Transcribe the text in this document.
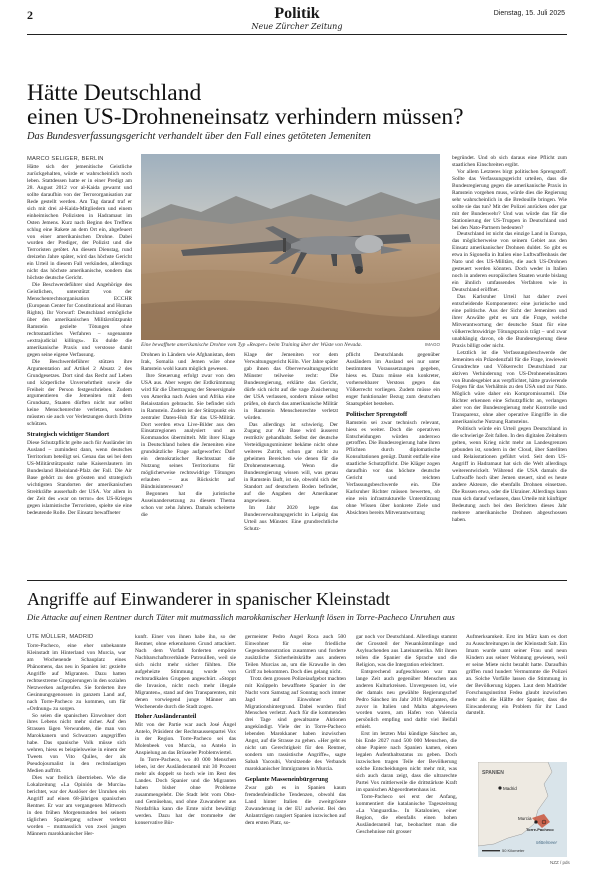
2	Politik
Neue Zürcher Zeitung
Dienstag, 15. Juli 2025
Hätte Deutschland
einen US-Drohneneinsatz verhindern müssen?
Das Bundesverfassungsgericht verhandelt über den Fall eines getöteten Jemeniten
MARCO SELIGER, BERLIN

Hätte sich der jemenitische Geistliche zurückgehalten, würde er wahrscheinlich noch leben. Stattdessen hatte er in einer Predigt am 28. August 2012 vor al-Kaida gewarnt und sollte daraufhin von der Terrororganisation zur Rede gestellt werden. Am Tag darauf traf er sich mit drei al-Kaida-Mitgliedern und einem einheimischen Polizisten in Hadramaut im Osten Jemens. Kurz nach Beginn des Treffens schlug eine Rakete an dem Ort ein, abgefeuert von einer amerikanischen Drohne. Dabei wurden der Prediger, der Polizist und die Terroristen getötet. An diesem Dienstag, rund dreizehn Jahre später, wird das höchste Gericht ein Urteil in diesem Fall verkünden, allerdings nicht das höchste amerikanische, sondern das höchste deutsche Gericht.

Die Beschwerdeführer sind Angehörige des Geistlichen, unterstützt von der Menschenrechtsorganisation ECCHR (European Center for Constitutional and Human Rights). Ihr Vorwurf: Deutschland ermögliche über den amerikanischen Militärstützpunkt Ramstein gezielte Tötungen ohne rechtsstaatliches Verfahren – sogenannte «extrajudicial killings». Es dulde die amerikanische Praxis und verstosse damit gegen seine eigene Verfassung.

Die Beschwerdeführer stützen ihre Argumentation auf Artikel 2 Absatz 2 des Grundgesetzes. Dort sind das Recht auf Leben und körperliche Unversehrtheit sowie die Freiheit der Person festgeschrieben. Zudem argumentieren die Jemeniten mit dem Grundsatz, Staaten dürften nicht nur selbst keine Menschenrechte verletzen, sondern müssten sie auch vor Verletzungen durch Dritte schützen.

Strategisch wichtiger Standort

Diese Schutzpflicht gelte auch für Ausländer im Ausland – zumindest dann, wenn deutsches Territorium beteiligt sei. Genau das sei bei dem US-Militärstützpunkt nahe Kaiserslautern im Bundesland Rheinland-Pfalz der Fall. Die Air Base gehört zu den grössten und strategisch wichtigsten Standorten der amerikanischen Streitkräfte ausserhalb der USA. Vor allem in der Zeit des «war on terror» des US-Krieges gegen islamistische Terroristen, spielte sie eine bedeutende Rolle. Der Einsatz bewaffneter

Eine bewaffnete amerikanische Drohne vom Typ «Reaper» beim Training über der Wüste von Nevada.	IMAGO

Drohnen in Ländern wie Afghanistan, dem Irak, Somalia und Jemen wäre ohne Ramstein wohl kaum möglich gewesen.

Ihre Steuerung erfolgt zwar von den USA aus. Aber wegen der Erdkrümmung wird für die Übertragung der Steuersignale von Amerika nach Asien und Afrika eine Relaisstation gebraucht. Sie befindet sich in Ramstein. Zudem ist der Stützpunkt ein zentraler Daten-Hub für das US-Militär. Dort werden etwa Live-Bilder aus den Einsatzregionen analysiert und an Kommandos übermittelt. Mit ihrer Klage in Deutschland hoben die Jemeniten eine grundsätzliche Frage aufgeworfen: Darf ein demokratischer Rechtsstaat die Nutzung seines Territoriums für möglicherweise rechtswidrige Tötungen erlauben – aus Rücksicht auf Bündnisinteressen?

Begonnen hat die juristische Auseinandersetzung zu diesem Thema schon vor zehn Jahren. Damals scheiterte die

Klage der Jemeniten vor dem Verwaltungsgericht Köln. Vier Jahre später gab ihnen das Oberverwaltungsgericht Münster teilweise recht: Die Bundesregierung, erklärte das Gericht, dürfe sich nicht auf die vage Zusicherung der USA verlassen, sondern müsse selbst prüfen, ob durch das amerikanische Militär in Ramstein Menschenrechte verletzt würden.

Das allerdings ist schwierig. Der Zugang zur Air Base wird äusserst restriktiv gehandhabt. Selbst der deutsche Verteidigungsminister bekäme nicht ohne weiteres Zutritt, schon gar nicht zu geheimen Bereichen wie denen für die Drohnensteuerung. Wenn die Bundesregierung wissen will, was genau in Ramstein läuft, ist sie, obwohl sich der Standort auf deutschem Boden befindet, auf die Angaben der Amerikaner angewiesen.

Im Jahr 2020 legte das Bundesverwaltungsgericht in Leipzig das Urteil aus Münster. Eine grundrechtliche Schutz-

pflicht Deutschlands gegenüber Ausländern im Ausland sei nur unter bestimmten Voraussetzungen gegeben, hiess es. Dazu müsse ein konkreter, vorhersehbarer Verstoss gegen das Völkerrecht vorliegen. Zudem müsse ein enger funktionaler Bezug zum deutschen Staatsgebiet bestehen.

Politischer Sprengstoff

Ramstein sei zwar technisch relevant, hiess es weiter. Doch die operativen Entscheidungen würden anderswo getroffen. Die Bundesregierung habe ihren Pflichten durch diplomatische Konsultationen genügt. Damit entfalle eine staatliche Schutzpflicht. Die Kläger zogen daraufhin vor das höchste deutsche Gericht und reichten Verfassungsbeschwerde ein. Die Karlsruher Richter müssen bewerten, ob eine rein infrastrukturelle Unterstützung ohne Wissen über konkrete Ziele und Absichten bereits Mitverantwortung

begründet. Und ob sich daraus eine Pflicht zum staatlichen Einschreiten ergibt.

Vor allem Letzteres birgt politischen Sprengstoff. Sollte das Verfassungsgericht urteilen, dass die Bundesregierung gegen die amerikanische Praxis in Ramstein vorgehen muss, würde dies die Regierung sehr wahrscheinlich in die Bredouille bringen. Wie sollte sie das tun? Mit der Polizei anrücken oder gar mit der Bundeswehr? Und was würde das für die Stationierung der US-Truppen in Deutschland und bei den Nato-Partnern bedeuten?

Deutschland ist nicht das einzige Land in Europa, das möglicherweise von seinem Gebiet aus den Einsatz amerikanischer Drohnen duldet. So gibt es etwa in Sigonella in Italien eine Luftwaffenbasis der Nato und des US-Militärs, die auch US-Drohnen gesteuert werden könnten. Doch weder in Italien noch in anderen europäischen Staaten wurde bislang ein ähnlich umfassendes Verfahren wie in Deutschland eröffnet.

Das Karlsruher Urteil hat daher zwei entscheidende Komponenten: eine juristische und eine politische. Aus der Sicht der Jemeniten und ihrer Anwälte geht es um die Frage, welche Mitverantwortung der deutsche Staat für eine völkerrechtswidrige Tötungspraxis trägt – und zwar unabhängig davon, ob die Bundesregierung diese Praxis billigt oder nicht.

Letztlich ist die Verfassungsbeschwerde der Jemeniten ein Präzedenzfall für die Frage, inwieweit Grundrechte und Völkerrecht Deutschland zur aktiven Verhinderung von US-Drohneneinsätzen von Bundesgebiet aus verpflichtet, hätte gravierende Folgen für das Verhältnis zu den USA und zur Nato. Möglich wäre daher ein Kompromissurteil. Die Richter erkennen eine Schutzpflicht an, verlangen aber von der Bundesregierung mehr Kontrolle und Transparenz, ohne aber operative Eingriffe in die amerikanische Nutzung Ramsteins.

Politisch würde ein Urteil gegen Deutschland in die schwierige Zeit fallen. In den digitalen Zeitaltern gelten, wenn Krieg nicht mehr an Landesgrenzen gebunden ist, sondern in der Cloud, über Satelliten und Relaisstationen geführt wird. Seit dem US-Angriff in Hadramaut hat sich die Welt allerdings weiterentwickelt. Während die USA damals die Luftwaffe hoch über Jemen steuert, sind es heute andere Akteure, die ebenfalls Drohnen einsetzen. Die Russen etwa, oder die Ukrainer. Allerdings kann man sich darauf verlassen, dass Urteile mit künftiger Bedeutung auch bei den Berichten dieses Jahr mehrere amerikanische Drohnen abgeschossen haben.

Angriffe auf Einwanderer in spanischer Kleinstadt
Die Attacke auf einen Rentner durch Täter mit mutmasslich marokkanischer Herkunft lösen in Torre-Pacheco Unruhen aus
UTE MÜLLER, MADRID

Torre-Pacheco, eine eher unbekannte Kleinstadt im Hinterland von Murcia, war am Wochenende Schauplatz eines Phänomens, das neu in Spanien ist: gezielte Angriffe auf Migranten. Dazu hatten rechtsextreme Gruppierungen in den sozialen Netzwerken aufgerufen. Sie forderten ihre Gesinnungsgenossen in ganzem Land auf, nach Torre-Pacheco zu kommen, um für «Ordnung» zu sorgen.

So seien die spanischen Einwohner dort ihres Lebens nicht mehr sicher. Auf den Strassen lägen Verwundete, die man von Marokkanern und Schwarzen angegriffen habe. Das spanische Volk müsse sich wehren, hiess es beispielsweise in einem der Tweets von Vito Quiles, der als Pseudojournalist in den rechtslastigen Medien auffritt.

Dies war freilich übertrieben. Wie die Lokalzeitung «La Opinión de Murcia» berichtet, war der Auslöser der Unruhen ein Angriff auf einen 68-jährigen spanischen Rentner. Er war am vergangenen Mittwoch in den frühen Morgenstunden bei seinem täglichen Spaziergang schwer verletzt worden – mutmasslich von zwei jungen Männern marokkanischer Her-

kunft. Einer von ihnen habe ihn, so der Rentner, ohne erkennbaren Grund attackiert. Nach dem Vorfall forderten empörte Nachbarschaftsverbände Patrouillen, weil sie sich nicht mehr sicher fühlten. Die aufgeheizte Stimmung wurde von rechtsradikalen Gruppen angeschürt. «Stoppt die Invasion, nicht noch mehr illegale Migranten», stand auf den Transparenten, mit denen vorwiegend junge Männer am Wochenende durch die Stadt zogen.

Hoher Ausländeranteil

Mit von der Partie war auch José Ángel Antelo, Präsident der Rechtsaussenpartei Vox in der Region. Torre-Pacheco sei das Molenbeek von Murcia, so Antelo in Anspielung an das Brüsseler Problemviertel.

In Torre-Pacheco, wo 40 000 Menschen leben, ist der Ausländeranteil mit 30 Prozent mehr als doppelt so hoch wie im Rest des Landes. Doch Spanier und die Migranten haben bisher ohne Probleme zusammengelebt. Die Stadt lebt vom Obst- und Gemüsebau, und ohne Zuwanderer aus Nordafrika kann die Ernte nicht bewältigt werden. Dazu hat der trommelte der konservative Bür-

germeister Pedro Ángel Roca auch 500 Einwohner für eine friedliche Gegendemonstration zusammen und forderte zusätzliche Sicherheitskräfte aus anderen Teilen Murcias an, um die Krawalle in den Griff zu bekommen. Doch dies gelang nicht.

Trotz dem grossen Polizeiaufgebot machten mit Knüppeln bewaffnete Spanier in der Nacht vom Samstag auf Sonntag noch immer Jagd auf Einwohner mit Migrationshintergrund. Dabei wurden fünf Menschen verletzt. Auch für die kommenden drei Tage sind gewaltsame Aktionen angekündigt. Viele der in Torre-Pacheco lebenden Marokkaner haben inzwischen Angst, auf die Strasse zu gehen. «Her geht es nicht um Gerechtigkeit für den Rentner, sondern um rassistische Angriffe», sagte Sabah Yacoubi, Vorsitzende des Verbands marokkanischer Immigranten in Murcia.

Geplante Masseneinbürgerung

Zwar gab es in Spanien kaum fremdenfeindliche Tendenzen, obwohl das Land hinter Italien die zweitgrösste Zuwanderung in der EU aufweist. Bei den Anlantrrägen rangiert Spanien inzwischen auf dem ersten Platz, so-

gar noch vor Deutschland. Allerdings stammt der Grossteil der Neuankömmlinge und Asylsuchenden aus Lateinamerika. Mit ihnen teilen die Spanier die Sprache und die Religion, was die Integration erleichtert.

Entsprechend aufgeschlossen war man lange Zeit auch gegenüber Menschen aus anderen Kulturkreisen. Unvergessen ist, wie der damals neu gewählte Regierungschef Pedro Sánchez im Jahr 2018 Migranten, die zuvor in Italien und Malta abgewiesen worden waren, am Hafen von Valencia persönlich empfing und daftir viel Beifall erhielt.

Erst im letzten Mai kündigte Sánchez an, bis Ende 2027 rund 500 000 Menschen, die ohne Papiere nach Spanien kamen, einen legalen Aufenthaltsstatus zu geben. Doch inzwischen tragen Teile der Bevölkerung solche Entscheidungen nicht mehr mit, was sich auch daran zeigt, dass die ultrarechte Partei Vox mittlerweile die drittstärkste Kraft im spanischen Abgeordnetenhaus ist.

Torre-Pacheco sei erst der Anfang, kommentiert die katalanische Tageszeitung «La Vanguardia». In Katalonien, einer Region, die ebenfalls einen hohen Ausländeranteil hat, beobachtet man die Geschehnisse mit grosser

Aufmerksamkeit. Erst im März kam es dort zu Ausschreitungen in der Kleinstadt Salt. Ein Imam wurde samt seiner Frau und neun Kindern aus seiner Wohnung gewiesen, weil er seine Miete nicht bezahlt hatte. Daraufhin griffen rund hundert Vermummte die Polizei an. Solche Vorfälle lassen die Stimmung in der Bevölkerung kippen. Laut dem Madrider Forschungsinstitut Fedea glaubt inzwischen mehr als die Hälfte der Spanier, dass die Einwanderung ein Problem für ihr Land darstellt.

SPANIEN
Madrid
Murcia
Torre-Pacheco
Mittelmeer
50 Kilometer
NZZ / pds
